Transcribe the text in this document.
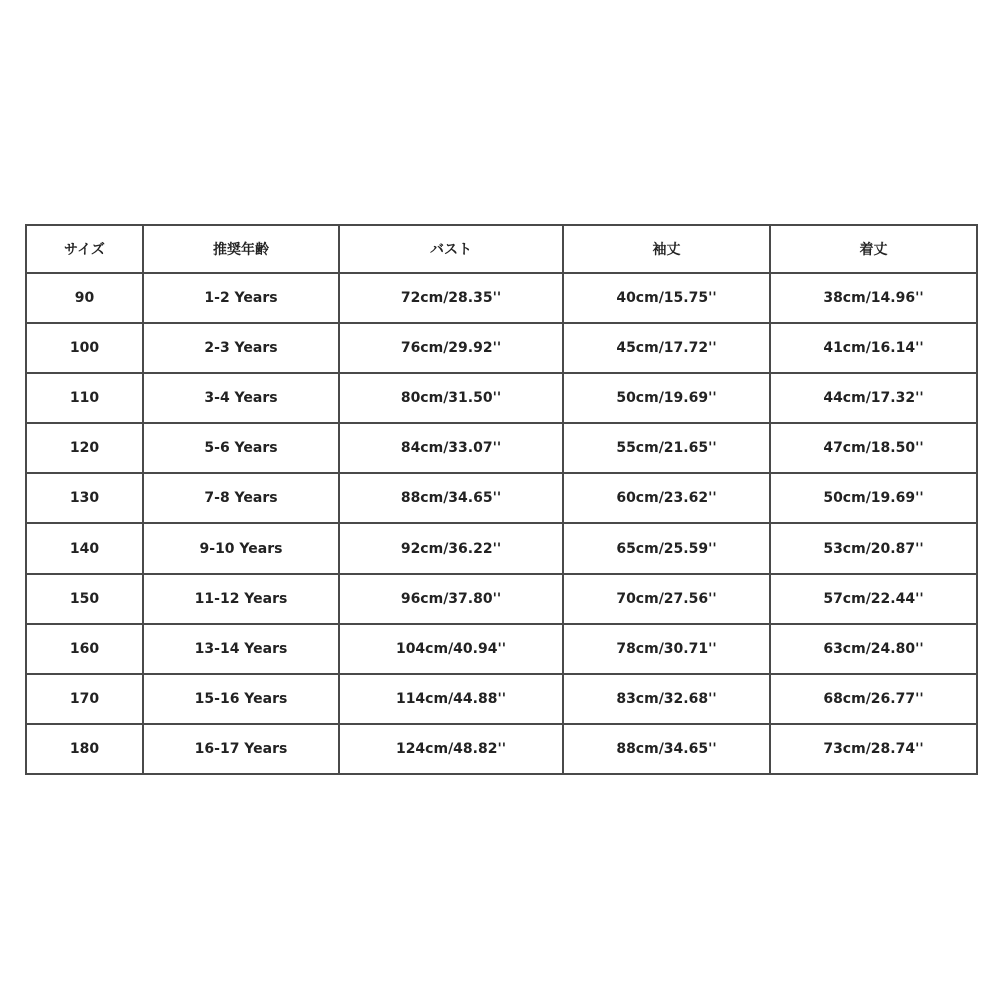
サイズ	推奨年齢	バスト	袖丈	着丈
90	1-2 Years	72cm/28.35''	40cm/15.75''	38cm/14.96''
100	2-3 Years	76cm/29.92''	45cm/17.72''	41cm/16.14''
110	3-4 Years	80cm/31.50''	50cm/19.69''	44cm/17.32''
120	5-6 Years	84cm/33.07''	55cm/21.65''	47cm/18.50''
130	7-8 Years	88cm/34.65''	60cm/23.62''	50cm/19.69''
140	9-10 Years	92cm/36.22''	65cm/25.59''	53cm/20.87''
150	11-12 Years	96cm/37.80''	70cm/27.56''	57cm/22.44''
160	13-14 Years	104cm/40.94''	78cm/30.71''	63cm/24.80''
170	15-16 Years	114cm/44.88''	83cm/32.68''	68cm/26.77''
180	16-17 Years	124cm/48.82''	88cm/34.65''	73cm/28.74''
